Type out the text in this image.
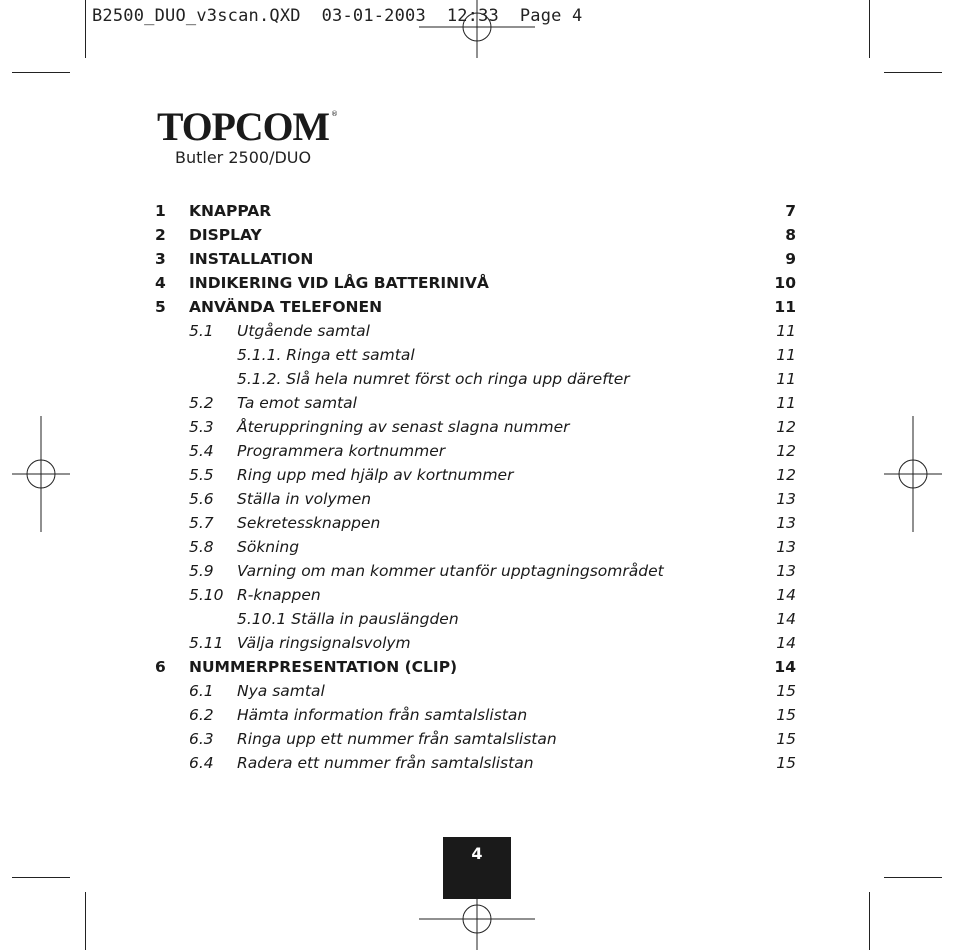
B2500_DUO_v3scan.QXD 03-01-2003 12:33 Page 4
TOPCOM ®
Butler 2500/DUO
1 KNAPPAR	7
2 DISPLAY	8
3 INSTALLATION	9
4 INDIKERING VID LÅG BATTERINIVÅ	10
5 ANVÄNDA TELEFONEN	11
5.1 Utgående samtal	11
5.1.1. Ringa ett samtal	11
5.1.2. Slå hela numret först och ringa upp därefter	11
5.2 Ta emot samtal	11
5.3 Återuppringning av senast slagna nummer	12
5.4 Programmera kortnummer	12
5.5 Ring upp med hjälp av kortnummer	12
5.6 Ställa in volymen	13
5.7 Sekretessknappen	13
5.8 Sökning	13
5.9 Varning om man kommer utanför upptagningsområdet	13
5.10 R-knappen	14
5.10.1 Ställa in pauslängden	14
5.11 Välja ringsignalsvolym	14
6 NUMMERPRESENTATION (CLIP)	14
6.1 Nya samtal	15
6.2 Hämta information från samtalslistan	15
6.3 Ringa upp ett nummer från samtalslistan	15
6.4 Radera ett nummer från samtalslistan	15
4
